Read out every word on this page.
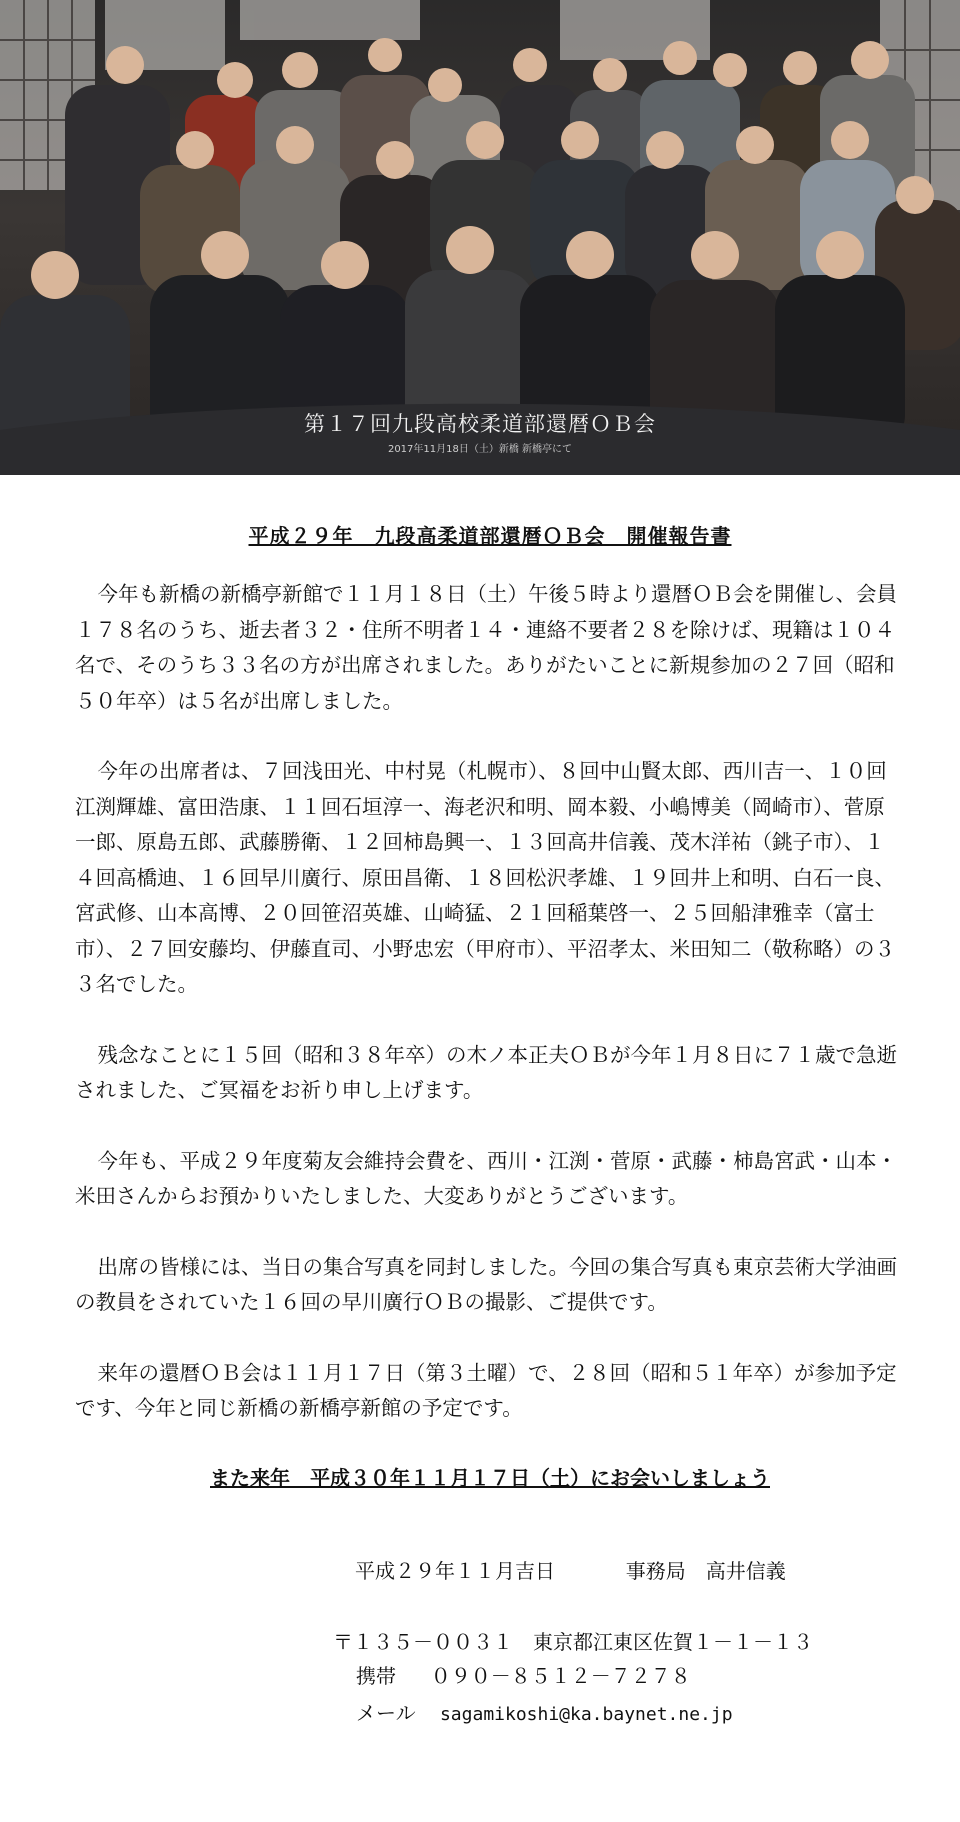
第１７回九段高校柔道部還暦ＯＢ会
2017年11月18日（土）新橋 新橋亭にて
平成２９年　九段高柔道部還暦ＯＢ会　開催報告書

今年も新橋の新橋亭新館で１１月１８日（土）午後５時より還暦ＯＢ会を開催し、会員１７８名のうち、逝去者３２・住所不明者１４・連絡不要者２８を除けば、現籍は１０４名で、そのうち３３名の方が出席されました。ありがたいことに新規参加の２７回（昭和５０年卒）は５名が出席しました。

今年の出席者は、７回浅田光、中村晃（札幌市）、８回中山賢太郎、西川吉一、１０回江渕輝雄、富田浩康、１１回石垣淳一、海老沢和明、岡本毅、小嶋博美（岡崎市）、菅原一郎、原島五郎、武藤勝衛、１２回柿島興一、１３回高井信義、茂木洋祐（銚子市）、１４回高橋迪、１６回早川廣行、原田昌衛、１８回松沢孝雄、１９回井上和明、白石一良、宮武修、山本高博、２０回笹沼英雄、山崎猛、２１回稲葉啓一、２５回船津雅幸（富士市）、２７回安藤均、伊藤直司、小野忠宏（甲府市）、平沼孝太、米田知二（敬称略）の３３名でした。

残念なことに１５回（昭和３８年卒）の木ノ本正夫ＯＢが今年１月８日に７１歳で急逝されました、ご冥福をお祈り申し上げます。

今年も、平成２９年度菊友会維持会費を、西川・江渕・菅原・武藤・柿島宮武・山本・米田さんからお預かりいたしました、大変ありがとうございます。

出席の皆様には、当日の集合写真を同封しました。今回の集合写真も東京芸術大学油画の教員をされていた１６回の早川廣行ＯＢの撮影、ご提供です。

来年の還暦ＯＢ会は１１月１７日（第３土曜）で、２８回（昭和５１年卒）が参加予定です、今年と同じ新橋の新橋亭新館の予定です。

また来年　平成３０年１１月１７日（土）にお会いしましょう
平成２９年１１月吉日	事務局　高井信義
〒１３５－００３１　東京都江東区佐賀１－１－１３
携帯 ０９０－８５１２－７２７８
メール sagamikoshi@ka.baynet.ne.jp
